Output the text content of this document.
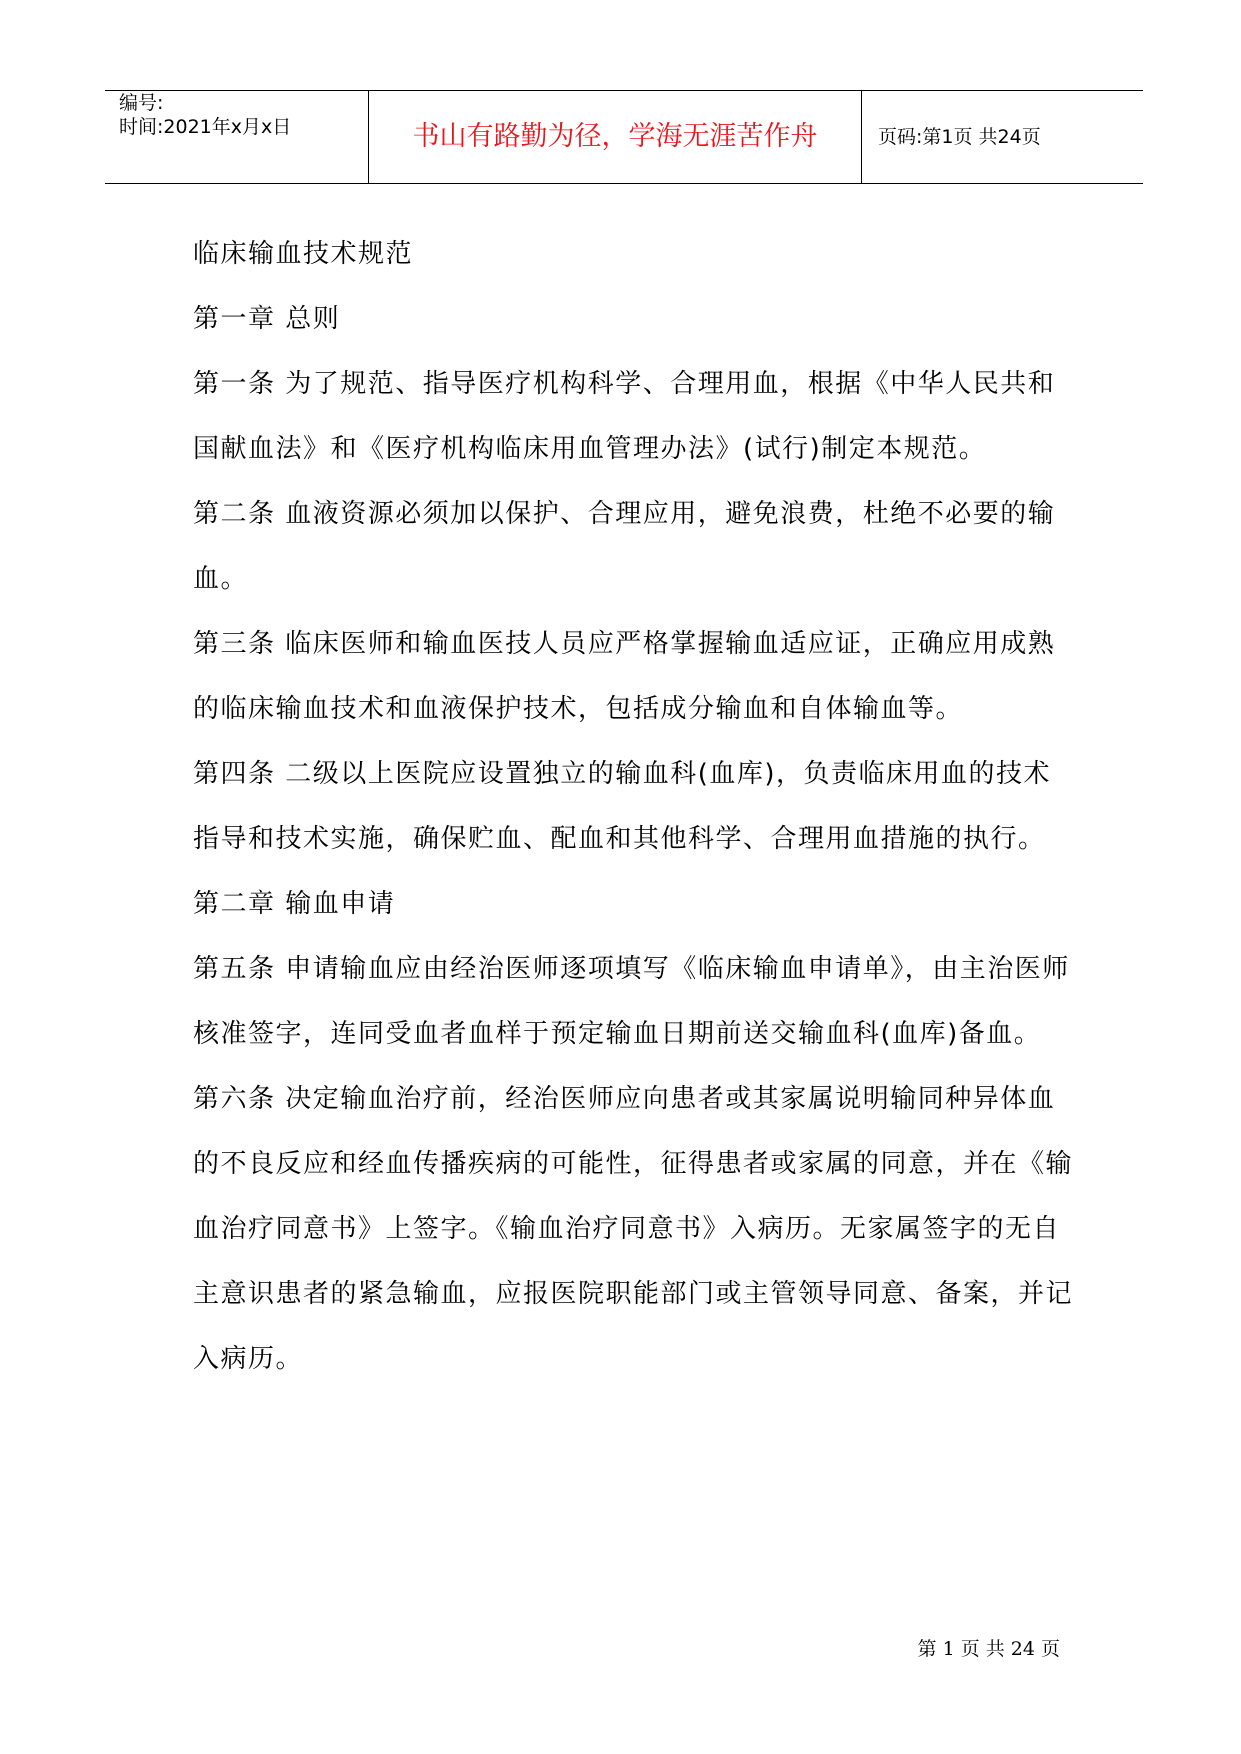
编号:
时间:2021年x月x日	书山有路勤为径，学海无涯苦作舟	页码:第1页 共24页

临床输血技术规范

第一章 总则

第一条 为了规范、指导医疗机构科学、合理用血，根据《中华人民共和国献血法》和《医疗机构临床用血管理办法》(试行)制定本规范。

第二条 血液资源必须加以保护、合理应用，避免浪费，杜绝不必要的输血。

第三条 临床医师和输血医技人员应严格掌握输血适应证，正确应用成熟的临床输血技术和血液保护技术，包括成分输血和自体输血等。

第四条 二级以上医院应设置独立的输血科(血库)，负责临床用血的技术指导和技术实施，确保贮血、配血和其他科学、合理用血措施的执行。

第二章 输血申请

第五条 申请输血应由经治医师逐项填写《临床输血申请单》，由主治医师核准签字，连同受血者血样于预定输血日期前送交输血科(血库)备血。

第六条 决定输血治疗前，经治医师应向患者或其家属说明输同种异体血的不良反应和经血传播疾病的可能性，征得患者或家属的同意，并在《输血治疗同意书》上签字。《输血治疗同意书》入病历。无家属签字的无自主意识患者的紧急输血，应报医院职能部门或主管领导同意、备案，并记入病历。

第 1 页 共 24 页
